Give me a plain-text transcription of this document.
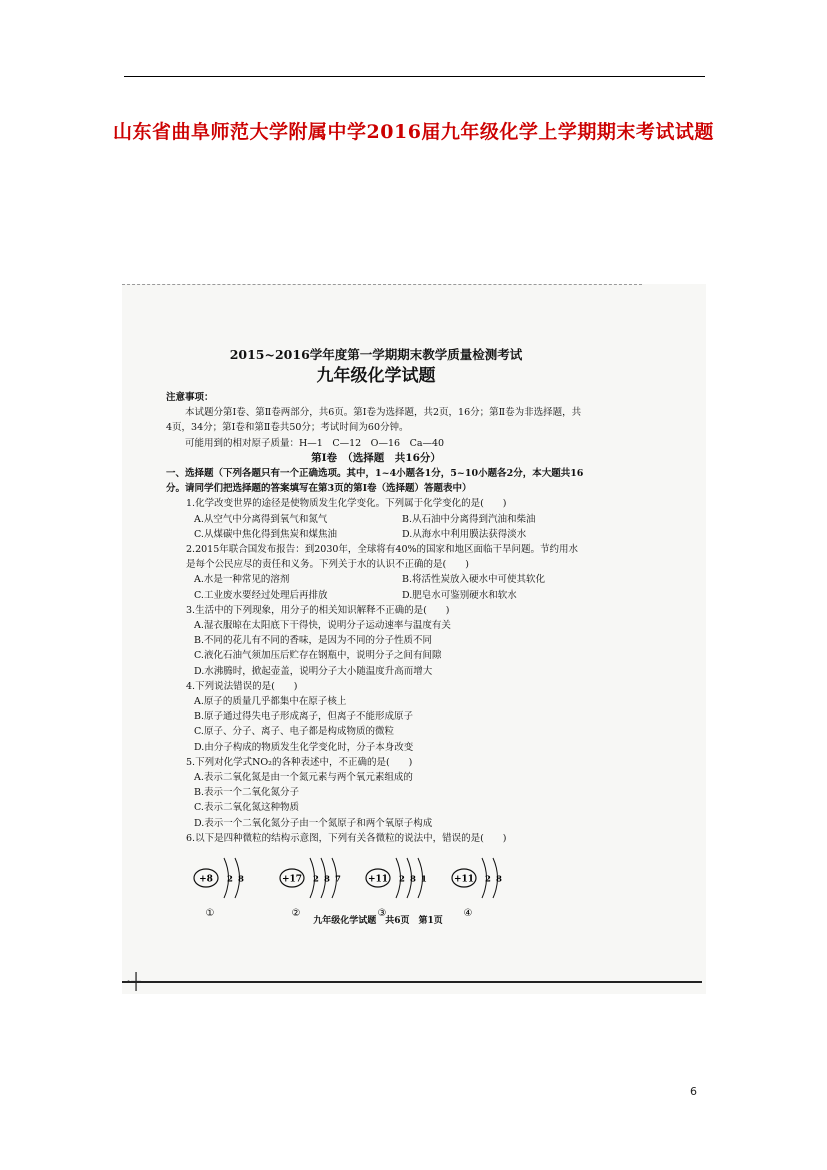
山东省曲阜师范大学附属中学2016届九年级化学上学期期末考试试题
2015~2016学年度第一学期期末教学质量检测考试
九年级化学试题
注意事项：
本试题分第Ⅰ卷、第Ⅱ卷两部分，共6页。第Ⅰ卷为选择题，共2页，16分；第Ⅱ卷为非选择题，共4页，34分；第Ⅰ卷和第Ⅱ卷共50分；考试时间为60分钟。
可能用到的相对原子质量：H—1　C—12　O—16　Ca—40
第Ⅰ卷　（选择题　共16分）
一、选择题（下列各题只有一个正确选项。其中，1~4小题各1分，5~10小题各2分，本大题共16分。请同学们把选择题的答案填写在第3页的第Ⅰ卷（选择题）答题表中）
1.化学改变世界的途径是使物质发生化学变化。下列属于化学变化的是(　　)
A.从空气中分离得到氧气和氮气	B.从石油中分离得到汽油和柴油
C.从煤碳中焦化得到焦炭和煤焦油	D.从海水中利用膜法获得淡水
2.2015年联合国发布报告：到2030年，全球将有40%的国家和地区面临干旱问题。节约用水是每个公民应尽的责任和义务。下列关于水的认识不正确的是(　　)
A.水是一种常见的溶剂	B.将活性炭放入硬水中可使其软化
C.工业废水要经过处理后再排放	D.肥皂水可鉴别硬水和软水
3.生活中的下列现象，用分子的相关知识解释不正确的是(　　)
A.湿衣服晾在太阳底下干得快，说明分子运动速率与温度有关
B.不同的花儿有不同的香味，是因为不同的分子性质不同
C.液化石油气须加压后贮存在钢瓶中，说明分子之间有间隙
D.水沸腾时，掀起壶盖，说明分子大小随温度升高而增大
4.下列说法错误的是(　　)
A.原子的质量几乎都集中在原子核上
B.原子通过得失电子形成离子，但离子不能形成原子
C.原子、分子、离子、电子都是构成物质的微粒
D.由分子构成的物质发生化学变化时，分子本身改变
5.下列对化学式NO₂的各种表述中，不正确的是(　　)
A.表示二氧化氮是由一个氮元素与两个氧元素组成的
B.表示一个二氧化氮分子
C.表示二氧化氮这种物质
D.表示一个二氧化氮分子由一个氮原子和两个氧原子构成
6.以下是四种微粒的结构示意图，下列有关各微粒的说法中，错误的是(　　)
+8 2 8
①
+17 2 8 7
②
+11 2 8 1
③
+11 2 8
④
九年级化学试题　共6页　第1页
·┼
6
